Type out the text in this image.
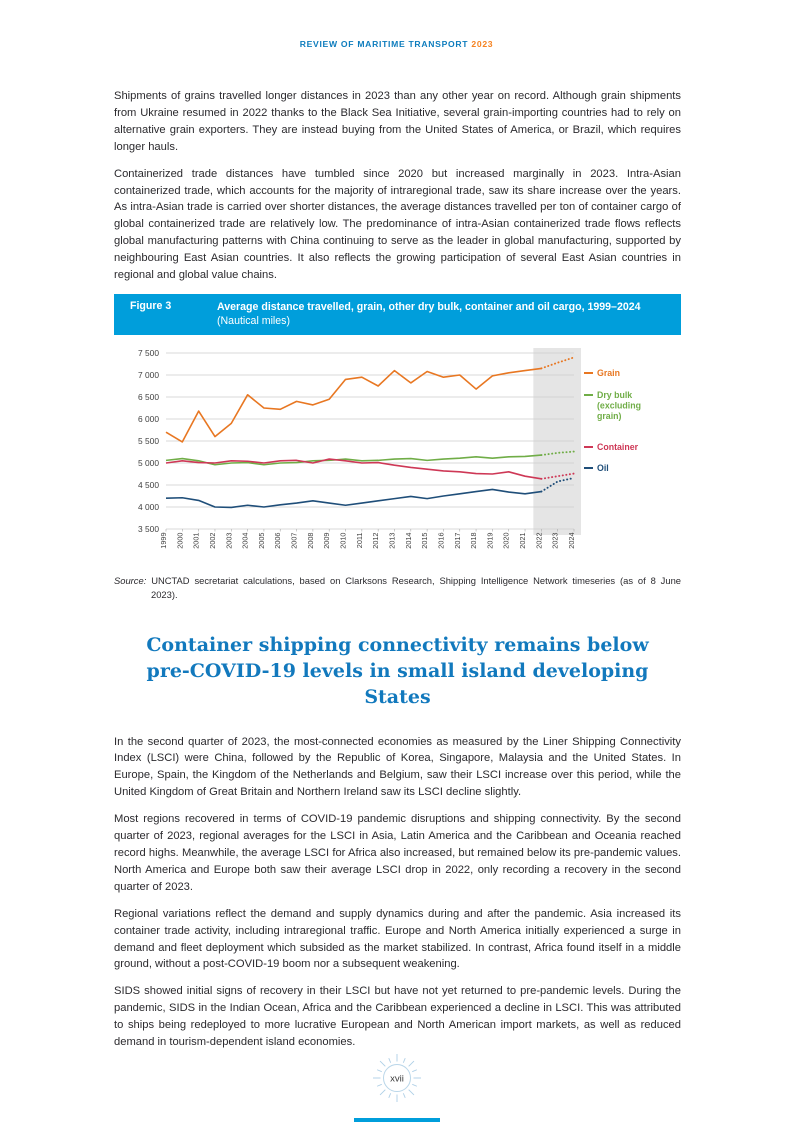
REVIEW OF MARITIME TRANSPORT 2023

Shipments of grains travelled longer distances in 2023 than any other year on record. Although grain shipments from Ukraine resumed in 2022 thanks to the Black Sea Initiative, several grain-importing countries had to rely on alternative grain exporters. They are instead buying from the United States of America, or Brazil, which requires longer hauls.

Containerized trade distances have tumbled since 2020 but increased marginally in 2023. Intra-Asian containerized trade, which accounts for the majority of intraregional trade, saw its share increase over the years. As intra-Asian trade is carried over shorter distances, the average distances travelled per ton of container cargo of global containerized trade are relatively low. The predominance of intra-Asian containerized trade flows reflects global manufacturing patterns with China continuing to serve as the leader in global manufacturing, supported by neighbouring East Asian countries. It also reflects the growing participation of several East Asian countries in regional and global value chains.

Figure 3	Average distance travelled, grain, other dry bulk, container and oil cargo, 1999–2024 (Nautical miles)
3 500
4 000
4 500
5 000
5 500
6 000
6 500
7 000
7 500
1999 2000 2001 2002 2003 2004 2005 2006 2007 2008 2009 2010 2011 2012 2013 2014 2015 2016 2017 2018 2019 2020 2021 2022 2023 2024
Grain
Dry bulk
(excluding
grain)
Container
Oil

Source: UNCTAD secretariat calculations, based on Clarksons Research, Shipping Intelligence Network timeseries (as of 8 June 2023).

Container shipping connectivity remains below
pre-COVID-19 levels in small island developing States

In the second quarter of 2023, the most-connected economies as measured by the Liner Shipping Connectivity Index (LSCI) were China, followed by the Republic of Korea, Singapore, Malaysia and the United States. In Europe, Spain, the Kingdom of the Netherlands and Belgium, saw their LSCI increase over this period, while the United Kingdom of Great Britain and Northern Ireland saw its LSCI decline slightly.

Most regions recovered in terms of COVID-19 pandemic disruptions and shipping connectivity. By the second quarter of 2023, regional averages for the LSCI in Asia, Latin America and the Caribbean and Oceania reached record highs. Meanwhile, the average LSCI for Africa also increased, but remained below its pre-pandemic values. North America and Europe both saw their average LSCI drop in 2022, only recording a recovery in the second quarter of 2023.

Regional variations reflect the demand and supply dynamics during and after the pandemic. Asia increased its container trade activity, including intraregional traffic. Europe and North America initially experienced a surge in demand and fleet deployment which subsided as the market stabilized. In contrast, Africa found itself in a middle ground, without a post-COVID-19 boom nor a subsequent weakening.

SIDS showed initial signs of recovery in their LSCI but have not yet returned to pre-pandemic levels. During the pandemic, SIDS in the Indian Ocean, Africa and the Caribbean experienced a decline in LSCI. This was attributed to ships being redeployed to more lucrative European and North American import markets, as well as reduced demand in tourism-dependent island economies.

xvii
